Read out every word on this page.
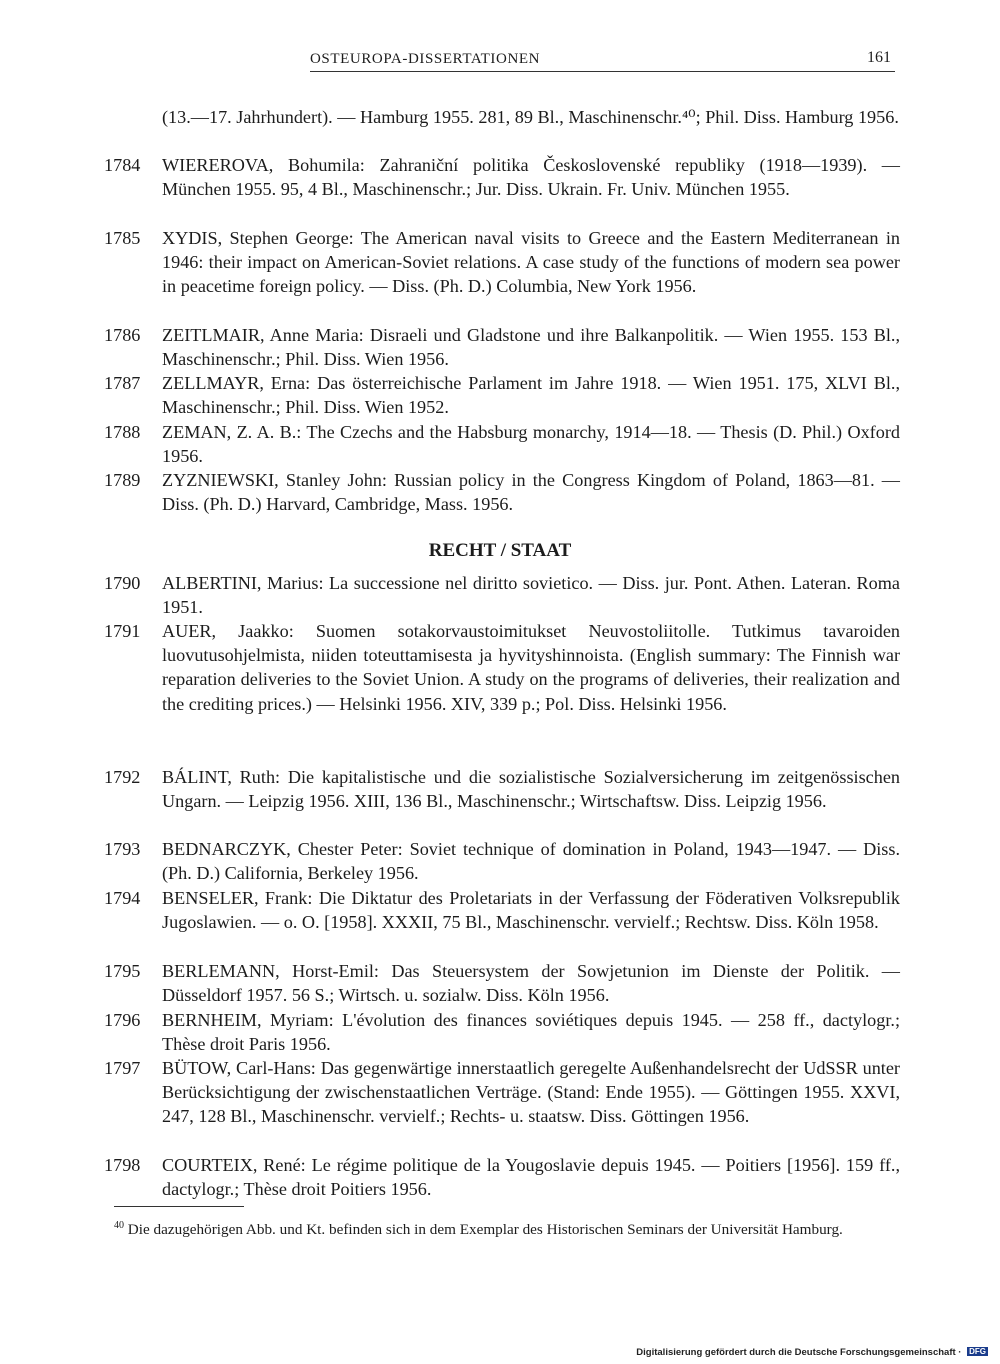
OSTEUROPA-DISSERTATIONEN	161
(13.—17. Jahrhundert). — Hamburg 1955. 281, 89 Bl., Maschinenschr.⁴⁰; Phil. Diss. Hamburg 1956.
1784	WIEREROVA, Bohumila: Zahraniční politika Československé republiky (1918—1939). — München 1955. 95, 4 Bl., Maschinenschr.; Jur. Diss. Ukrain. Fr. Univ. München 1955.
1785	XYDIS, Stephen George: The American naval visits to Greece and the Eastern Mediterranean in 1946: their impact on American-Soviet relations. A case study of the functions of modern sea power in peacetime foreign policy. — Diss. (Ph. D.) Columbia, New York 1956.
1786	ZEITLMAIR, Anne Maria: Disraeli und Gladstone und ihre Balkanpolitik. — Wien 1955. 153 Bl., Maschinenschr.; Phil. Diss. Wien 1956.
1787	ZELLMAYR, Erna: Das österreichische Parlament im Jahre 1918. — Wien 1951. 175, XLVI Bl., Maschinenschr.; Phil. Diss. Wien 1952.
1788	ZEMAN, Z. A. B.: The Czechs and the Habsburg monarchy, 1914—18. — Thesis (D. Phil.) Oxford 1956.
1789	ZYZNIEWSKI, Stanley John: Russian policy in the Congress Kingdom of Poland, 1863—81. — Diss. (Ph. D.) Harvard, Cambridge, Mass. 1956.
RECHT / STAAT
1790	ALBERTINI, Marius: La successione nel diritto sovietico. — Diss. jur. Pont. Athen. Lateran. Roma 1951.
1791	AUER, Jaakko: Suomen sotakorvaustoimitukset Neuvostoliitolle. Tutkimus tavaroiden luovutusohjelmista, niiden toteuttamisesta ja hyvityshinnoista. (English summary: The Finnish war reparation deliveries to the Soviet Union. A study on the programs of deliveries, their realization and the crediting prices.) — Helsinki 1956. XIV, 339 p.; Pol. Diss. Helsinki 1956.
1792	BÁLINT, Ruth: Die kapitalistische und die sozialistische Sozialversicherung im zeitgenössischen Ungarn. — Leipzig 1956. XIII, 136 Bl., Maschinenschr.; Wirtschaftsw. Diss. Leipzig 1956.
1793	BEDNARCZYK, Chester Peter: Soviet technique of domination in Poland, 1943—1947. — Diss. (Ph. D.) California, Berkeley 1956.
1794	BENSELER, Frank: Die Diktatur des Proletariats in der Verfassung der Föderativen Volksrepublik Jugoslawien. — o. O. [1958]. XXXII, 75 Bl., Maschinenschr. vervielf.; Rechtsw. Diss. Köln 1958.
1795	BERLEMANN, Horst-Emil: Das Steuersystem der Sowjetunion im Dienste der Politik. — Düsseldorf 1957. 56 S.; Wirtsch. u. sozialw. Diss. Köln 1956.
1796	BERNHEIM, Myriam: L'évolution des finances soviétiques depuis 1945. — 258 ff., dactylogr.; Thèse droit Paris 1956.
1797	BÜTOW, Carl-Hans: Das gegenwärtige innerstaatlich geregelte Außenhandelsrecht der UdSSR unter Berücksichtigung der zwischenstaatlichen Verträge. (Stand: Ende 1955). — Göttingen 1955. XXVI, 247, 128 Bl., Maschinenschr. vervielf.; Rechts- u. staatsw. Diss. Göttingen 1956.
1798	COURTEIX, René: Le régime politique de la Yougoslavie depuis 1945. — Poitiers [1956]. 159 ff., dactylogr.; Thèse droit Poitiers 1956.
$^{40}$ Die dazugehörigen Abb. und Kt. befinden sich in dem Exemplar des Historischen Seminars der Universität Hamburg.
Digitalisierung gefördert durch die Deutsche Forschungsgemeinschaft · DFG
